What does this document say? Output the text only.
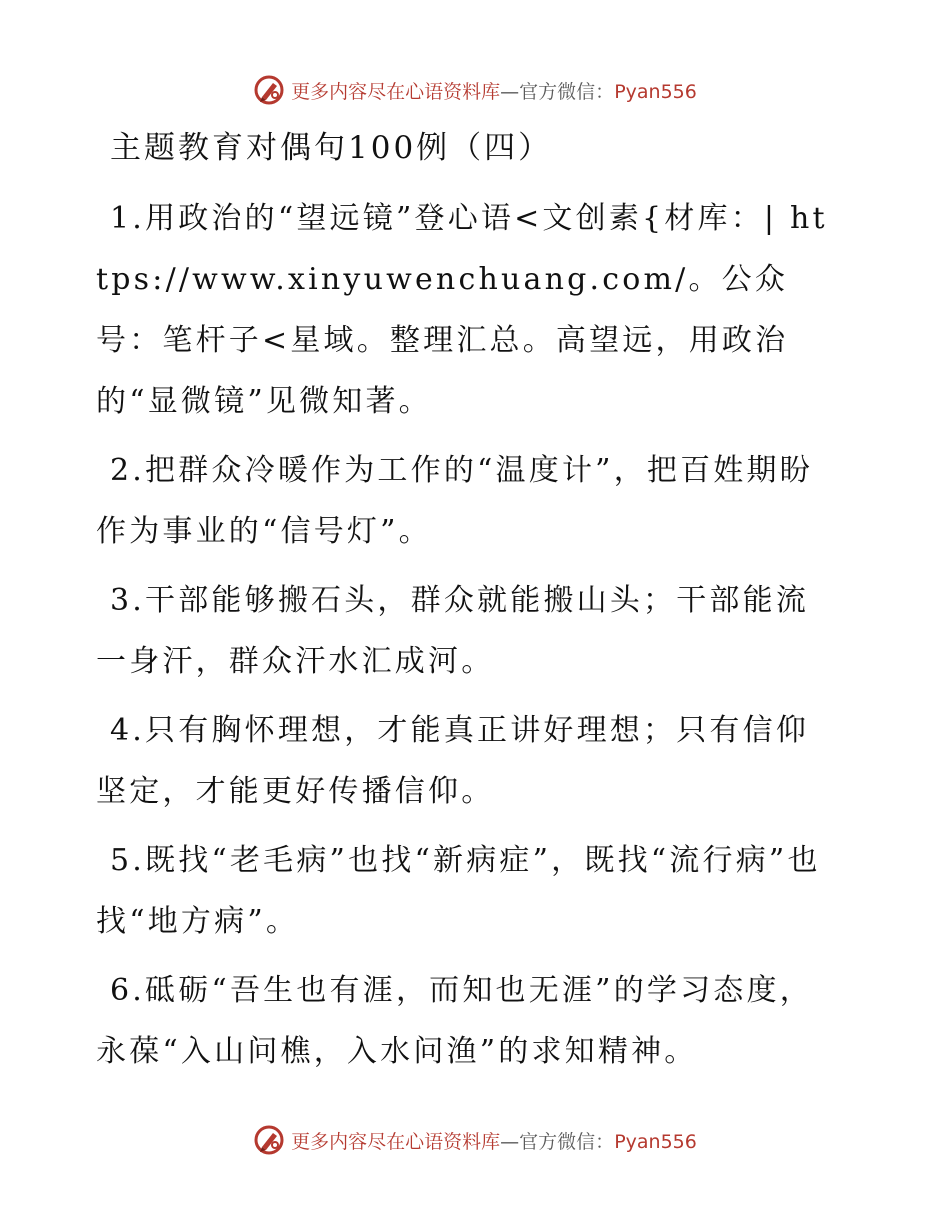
更多内容尽在心语资料库—官方微信：Pyan556
主题教育对偶句100例（四）

1.用政治的“望远镜”登心语<文创素{材库：| https://www.xinyuwenchuang.com/。公众号：笔杆子<星域。整理汇总。高望远，用政治的“显微镜”见微知著。

2.把群众冷暖作为工作的“温度计”，把百姓期盼作为事业的“信号灯”。

3.干部能够搬石头，群众就能搬山头；干部能流一身汗，群众汗水汇成河。

4.只有胸怀理想，才能真正讲好理想；只有信仰坚定，才能更好传播信仰。

5.既找“老毛病”也找“新病症”，既找“流行病”也找“地方病”。

6.砥砺“吾生也有涯，而知也无涯”的学习态度，永葆“入山问樵，入水问渔”的求知精神。

更多内容尽在心语资料库—官方微信：Pyan556
